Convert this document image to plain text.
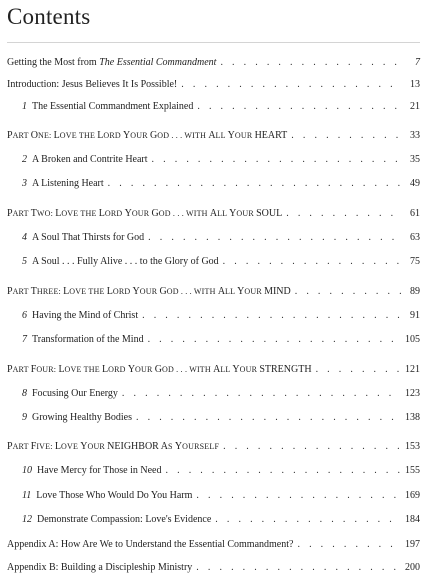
Contents
Getting the Most from The Essential Commandment . . .	7
Introduction: Jesus Believes It Is Possible! . . .	13
1 The Essential Commandment Explained . . .	21
PART ONE: LOVE THE LORD YOUR GOD . . . WITH ALL YOUR HEART . . .	33
2 A Broken and Contrite Heart . . .	35
3 A Listening Heart . . .	49
PART TWO: LOVE THE LORD YOUR GOD . . . WITH ALL YOUR SOUL . . .	61
4 A Soul That Thirsts for God . . .	63
5 A Soul . . . Fully Alive . . . to the Glory of God . . .	75
PART THREE: LOVE THE LORD YOUR GOD . . . WITH ALL YOUR MIND . . .	89
6 Having the Mind of Christ . . .	91
7 Transformation of the Mind . . .	105
PART FOUR: LOVE THE LORD YOUR GOD . . . WITH ALL YOUR STRENGTH . . .	121
8 Focusing Our Energy . . .	123
9 Growing Healthy Bodies . . .	138
PART FIVE: LOVE YOUR NEIGHBOR AS YOURSELF . . .	153
10 Have Mercy for Those in Need . . .	155
11 Love Those Who Would Do You Harm . . .	169
12 Demonstrate Compassion: Love's Evidence . . .	184
Appendix A: How Are We to Understand the Essential Commandment? . . .	197
Appendix B: Building a Discipleship Ministry . . .	200
